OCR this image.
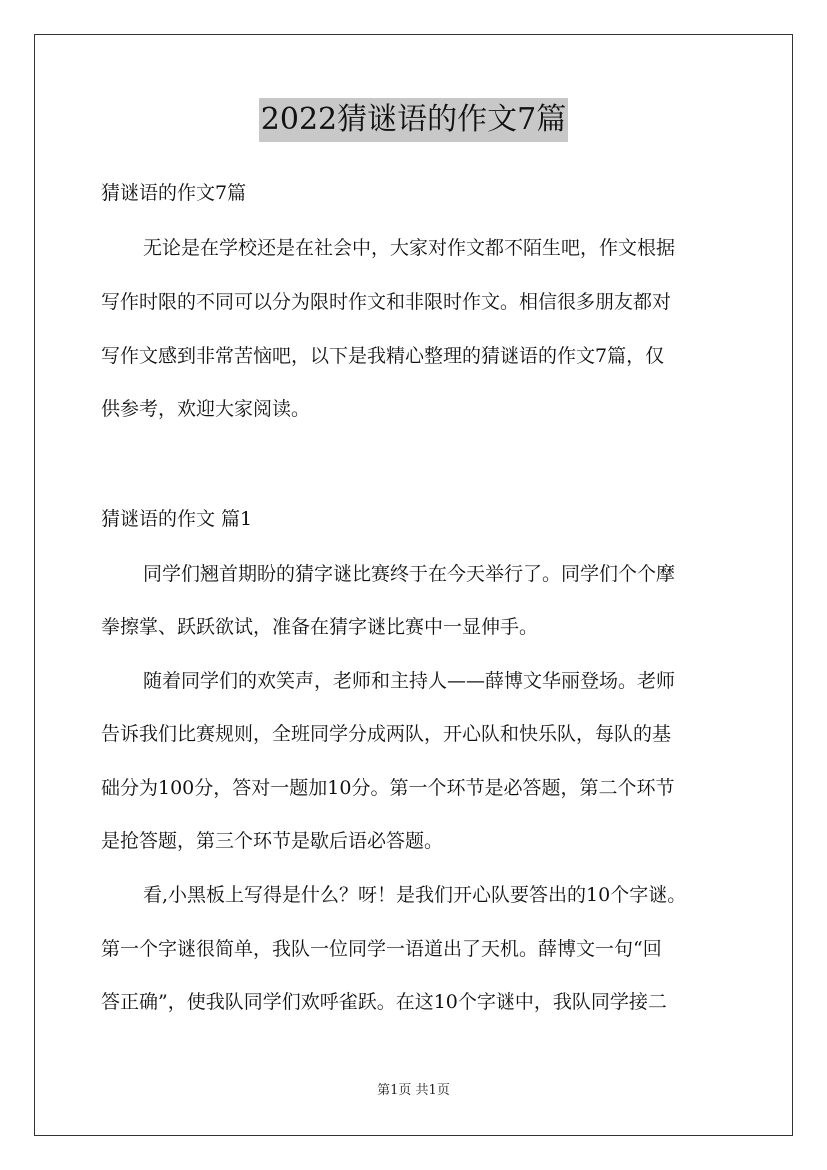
2022猜谜语的作文7篇

猜谜语的作文7篇

无论是在学校还是在社会中，大家对作文都不陌生吧，作文根据

写作时限的不同可以分为限时作文和非限时作文。相信很多朋友都对

写作文感到非常苦恼吧，以下是我精心整理的猜谜语的作文7篇，仅

供参考，欢迎大家阅读。

猜谜语的作文 篇1

同学们翘首期盼的猜字谜比赛终于在今天举行了。同学们个个摩

拳擦掌、跃跃欲试，准备在猜字谜比赛中一显伸手。

随着同学们的欢笑声，老师和主持人——薛博文华丽登场。老师

告诉我们比赛规则，全班同学分成两队，开心队和快乐队，每队的基

础分为100分，答对一题加10分。第一个环节是必答题，第二个环节

是抢答题，第三个环节是歇后语必答题。

看,小黑板上写得是什么？呀！是我们开心队要答出的10个字谜。

第一个字谜很简单，我队一位同学一语道出了天机。薛博文一句“回

答正确”，使我队同学们欢呼雀跃。在这10个字谜中，我队同学接二

第1页 共1页
